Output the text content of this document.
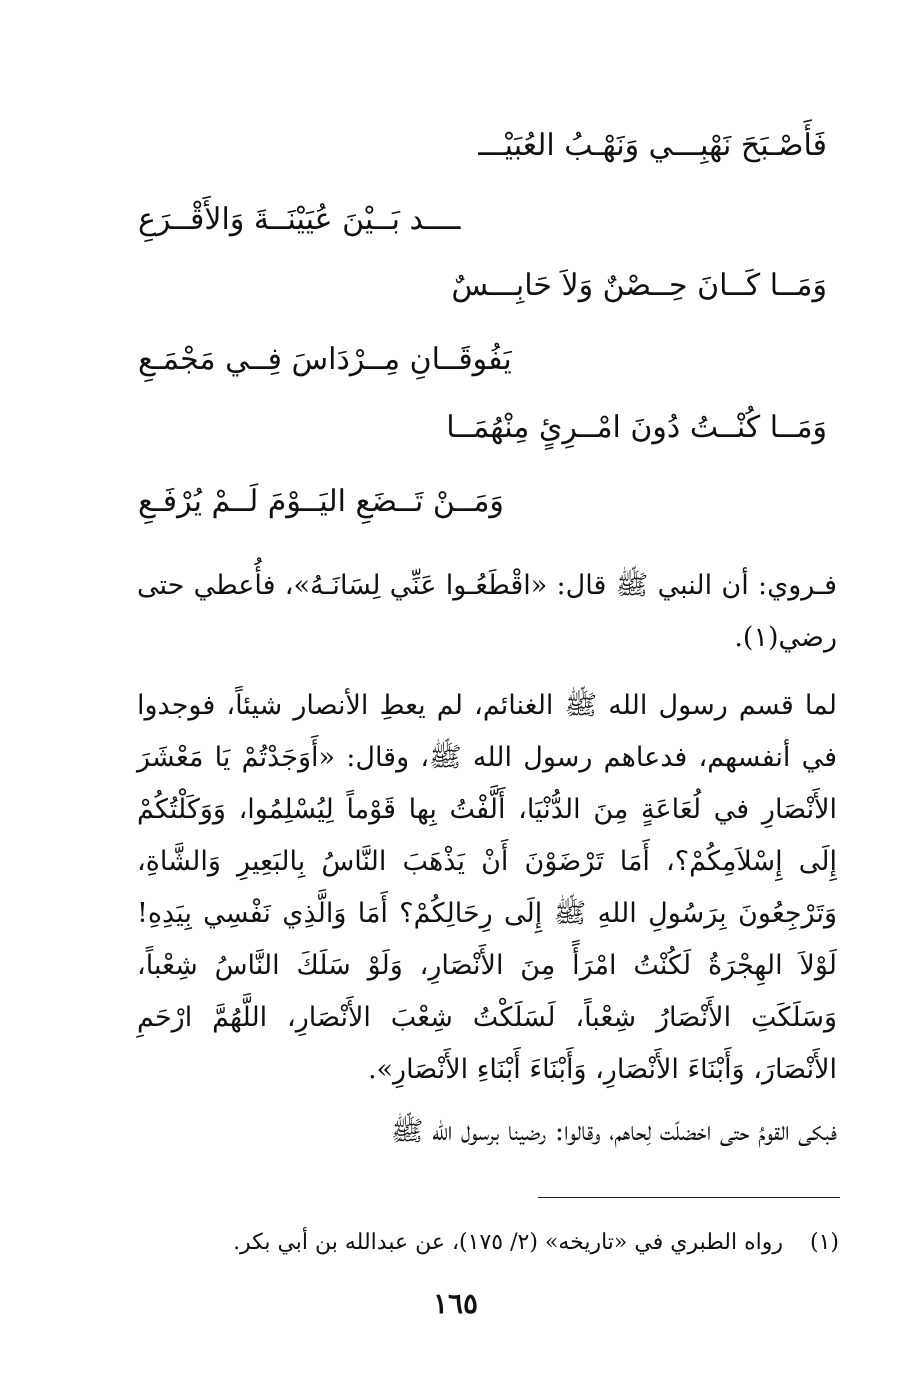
فَأَصْـبَحَ نَهْبِـــي وَنَهْـبُ العُبَيْـــ
ــــد بَــيْنَ عُيَيْنَــةَ وَالأَقْــرَعِ
وَمَــا كَــانَ حِــصْنٌ وَلاَ حَابِـــسٌ
يَفُوقَــانِ مِــرْدَاسَ فِــي مَجْمَـعِ
وَمَــا كُنْــتُ دُونَ امْــرِئٍ مِنْهُمَــا
وَمَــنْ تَــضَعِ اليَــوْمَ لَــمْ يُرْفَـعِ
فـروي: أن النبي ﷺ قال: «اقْطَعُـوا عَنِّي لِسَانَـهُ»، فأُعطي حتى رضي(١).
لما قسم رسول الله ﷺ الغنائم، لم يعطِ الأنصار شيئاً، فوجدوا في أنفسهم، فدعاهم رسول الله ﷺ، وقال: «أَوَجَدْتُمْ يَا مَعْشَرَ الأَنْصَارِ في لُعَاعَةٍ مِنَ الدُّنْيَا، أَلَّفْتُ بِها قَوْماً لِيُسْلِمُوا، وَوَكَلْتُكُمْ إِلَى إِسْلاَمِكُمْ؟، أَمَا تَرْضَوْنَ أَنْ يَذْهَبَ النَّاسُ بِالبَعِيرِ وَالشَّاةِ، وَتَرْجِعُونَ بِرَسُولِ اللهِ ﷺ إِلَى رِحَالِكُمْ؟ أَمَا وَالَّذِي نَفْسِي بِيَدِهِ! لَوْلاَ الهِجْرَةُ لَكُنْتُ امْرَأً مِنَ الأَنْصَارِ، وَلَوْ سَلَكَ النَّاسُ شِعْباً، وَسَلَكَتِ الأَنْصَارُ شِعْباً، لَسَلَكْتُ شِعْبَ الأَنْصَارِ، اللَّهُمَّ ارْحَمِ الأَنْصَارَ، وَأَبْنَاءَ الأَنْصَارِ، وَأَبْنَاءَ أَبْنَاءِ الأَنْصَارِ».
فبكى القومُ حتى اخضلّت لِحاهم، وقالوا: رضينا برسول الله ﷺ
(١) رواه الطبري في «تاريخه» (٢/ ١٧٥)، عن عبدالله بن أبي بكر.
١٦٥
